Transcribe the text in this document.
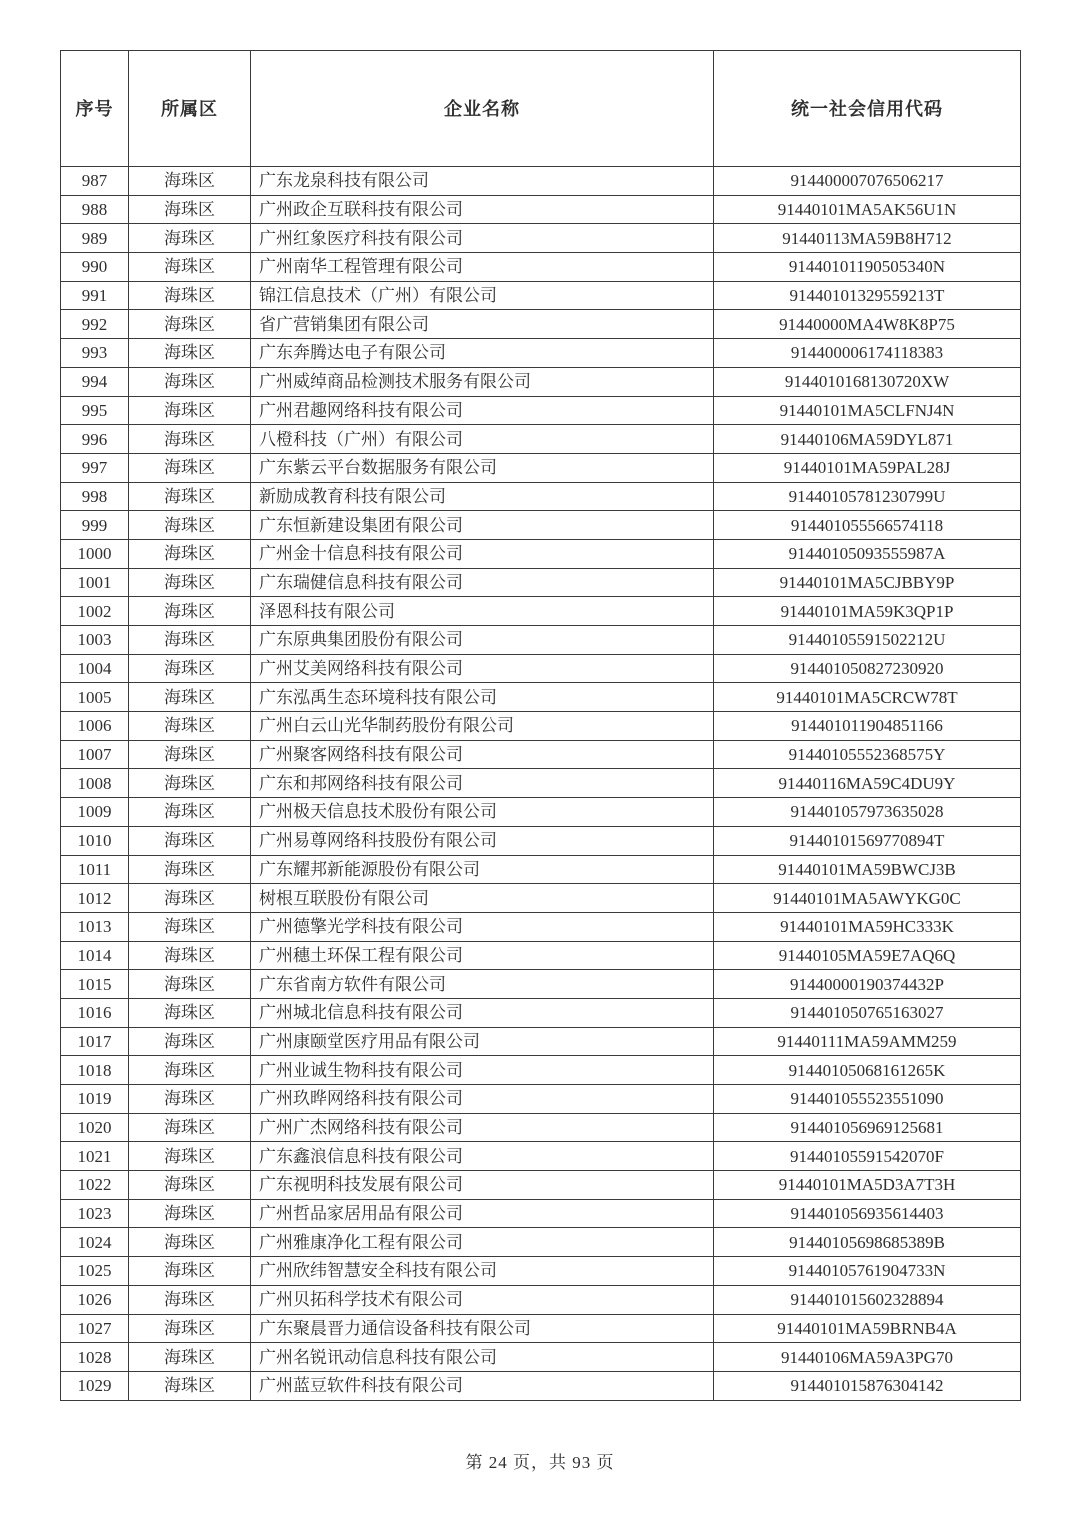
序号	所属区	企业名称	统一社会信用代码
987	海珠区	广东龙泉科技有限公司	914400007076506217
988	海珠区	广州政企互联科技有限公司	91440101MA5AK56U1N
989	海珠区	广州红象医疗科技有限公司	91440113MA59B8H712
990	海珠区	广州南华工程管理有限公司	91440101190505340N
991	海珠区	锦江信息技术（广州）有限公司	91440101329559213T
992	海珠区	省广营销集团有限公司	91440000MA4W8K8P75
993	海珠区	广东奔腾达电子有限公司	914400006174118383
994	海珠区	广州威绰商品检测技术服务有限公司	9144010168130720XW
995	海珠区	广州君趣网络科技有限公司	91440101MA5CLFNJ4N
996	海珠区	八橙科技（广州）有限公司	91440106MA59DYL871
997	海珠区	广东紫云平台数据服务有限公司	91440101MA59PAL28J
998	海珠区	新励成教育科技有限公司	91440105781230799U
999	海珠区	广东恒新建设集团有限公司	914401055566574118
1000	海珠区	广州金十信息科技有限公司	91440105093555987A
1001	海珠区	广东瑞健信息科技有限公司	91440101MA5CJBBY9P
1002	海珠区	泽恩科技有限公司	91440101MA59K3QP1P
1003	海珠区	广东原典集团股份有限公司	91440105591502212U
1004	海珠区	广州艾美网络科技有限公司	914401050827230920
1005	海珠区	广东泓禹生态环境科技有限公司	91440101MA5CRCW78T
1006	海珠区	广州白云山光华制药股份有限公司	914401011904851166
1007	海珠区	广州聚客网络科技有限公司	91440105552368575Y
1008	海珠区	广东和邦网络科技有限公司	91440116MA59C4DU9Y
1009	海珠区	广州极天信息技术股份有限公司	914401057973635028
1010	海珠区	广州易尊网络科技股份有限公司	91440101569770894T
1011	海珠区	广东耀邦新能源股份有限公司	91440101MA59BWCJ3B
1012	海珠区	树根互联股份有限公司	91440101MA5AWYKG0C
1013	海珠区	广州德擎光学科技有限公司	91440101MA59HC333K
1014	海珠区	广州穗土环保工程有限公司	91440105MA59E7AQ6Q
1015	海珠区	广东省南方软件有限公司	91440000190374432P
1016	海珠区	广州城北信息科技有限公司	914401050765163027
1017	海珠区	广州康颐堂医疗用品有限公司	91440111MA59AMM259
1018	海珠区	广州业诚生物科技有限公司	91440105068161265K
1019	海珠区	广州玖晔网络科技有限公司	914401055523551090
1020	海珠区	广州广杰网络科技有限公司	914401056969125681
1021	海珠区	广东鑫浪信息科技有限公司	91440105591542070F
1022	海珠区	广东视明科技发展有限公司	91440101MA5D3A7T3H
1023	海珠区	广州哲品家居用品有限公司	914401056935614403
1024	海珠区	广州雅康净化工程有限公司	91440105698685389B
1025	海珠区	广州欣纬智慧安全科技有限公司	91440105761904733N
1026	海珠区	广州贝拓科学技术有限公司	914401015602328894
1027	海珠区	广东聚晨晋力通信设备科技有限公司	91440101MA59BRNB4A
1028	海珠区	广州名锐讯动信息科技有限公司	91440106MA59A3PG70
1029	海珠区	广州蓝豆软件科技有限公司	914401015876304142
第 24 页，共 93 页
